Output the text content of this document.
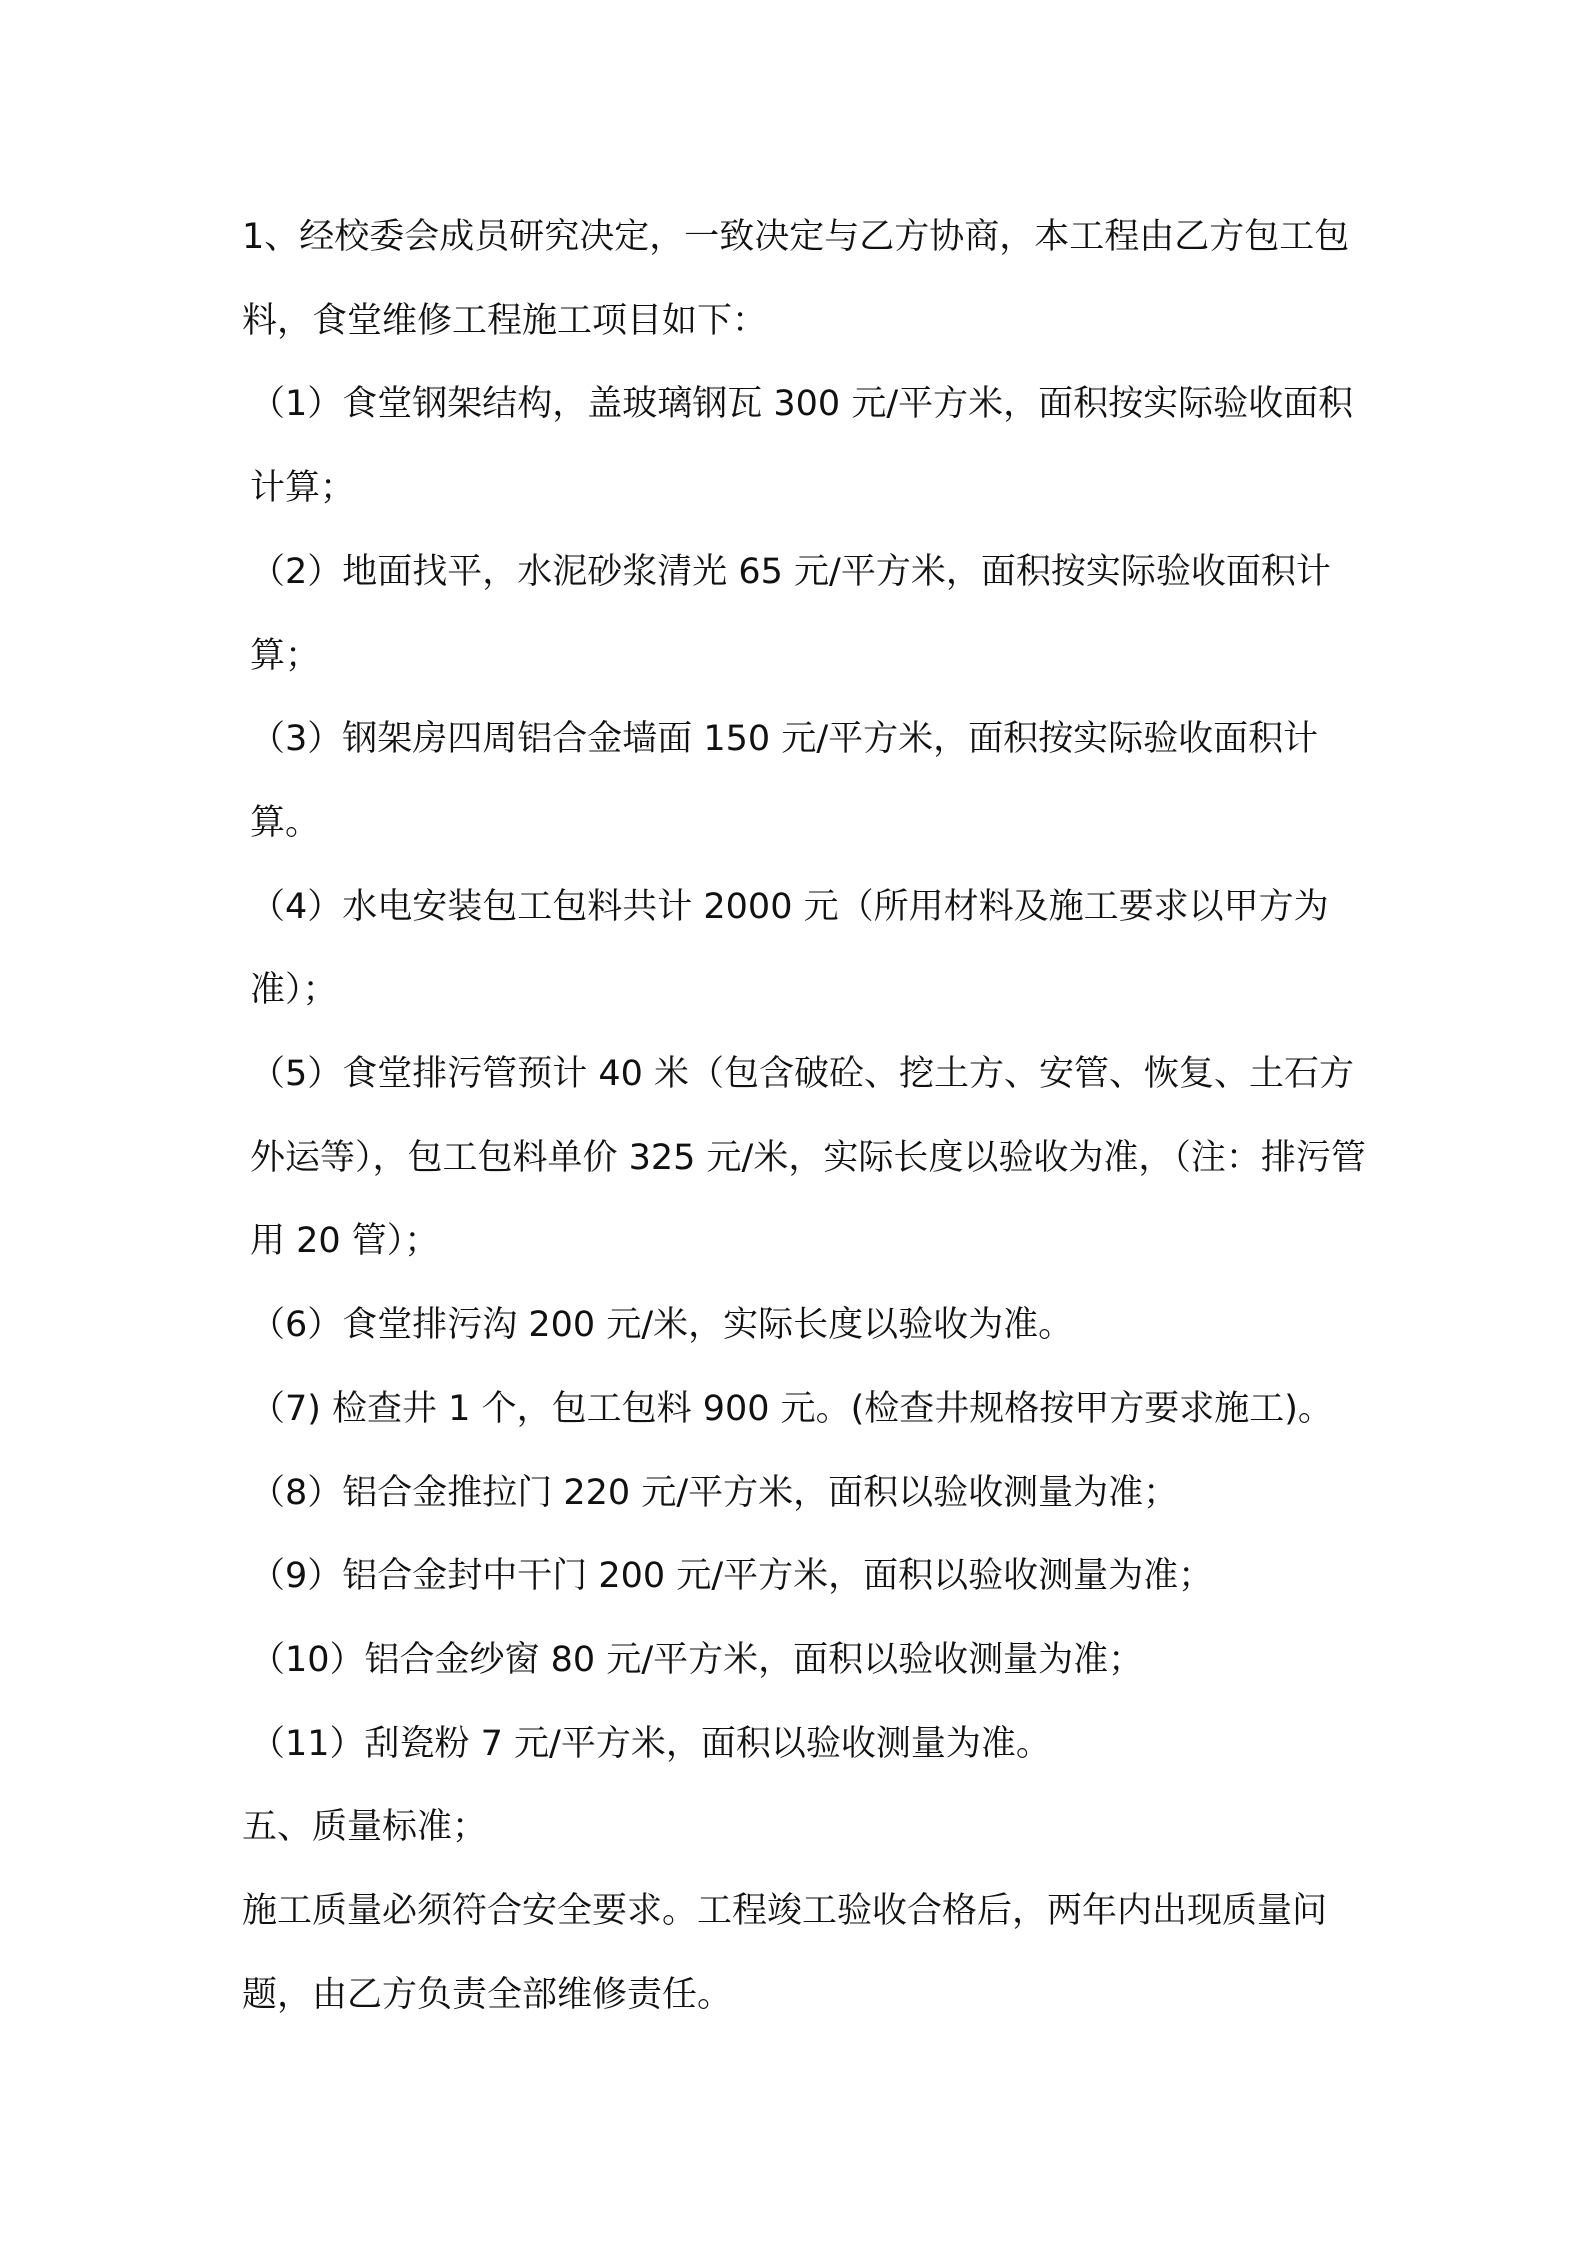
1、经校委会成员研究决定，一致决定与乙方协商，本工程由乙方包工包料，食堂维修工程施工项目如下：

（1）食堂钢架结构，盖玻璃钢瓦 300 元/平方米，面积按实际验收面积计算；

（2）地面找平，水泥砂浆清光 65 元/平方米，面积按实际验收面积计算；

（3）钢架房四周铝合金墙面 150 元/平方米，面积按实际验收面积计算。

（4）水电安装包工包料共计 2000 元（所用材料及施工要求以甲方为准）；

（5）食堂排污管预计 40 米（包含破砼、挖土方、安管、恢复、土石方外运等），包工包料单价 325 元/米，实际长度以验收为准，（注：排污管用 20 管）；

（6）食堂排污沟 200 元/米，实际长度以验收为准。

（7) 检查井 1 个，包工包料 900 元。(检查井规格按甲方要求施工)。

（8）铝合金推拉门 220 元/平方米，面积以验收测量为准；

（9）铝合金封中干门 200 元/平方米，面积以验收测量为准；

（10）铝合金纱窗 80 元/平方米，面积以验收测量为准；

（11）刮瓷粉 7 元/平方米，面积以验收测量为准。

五、质量标准；

施工质量必须符合安全要求。工程竣工验收合格后，两年内出现质量问题，由乙方负责全部维修责任。
